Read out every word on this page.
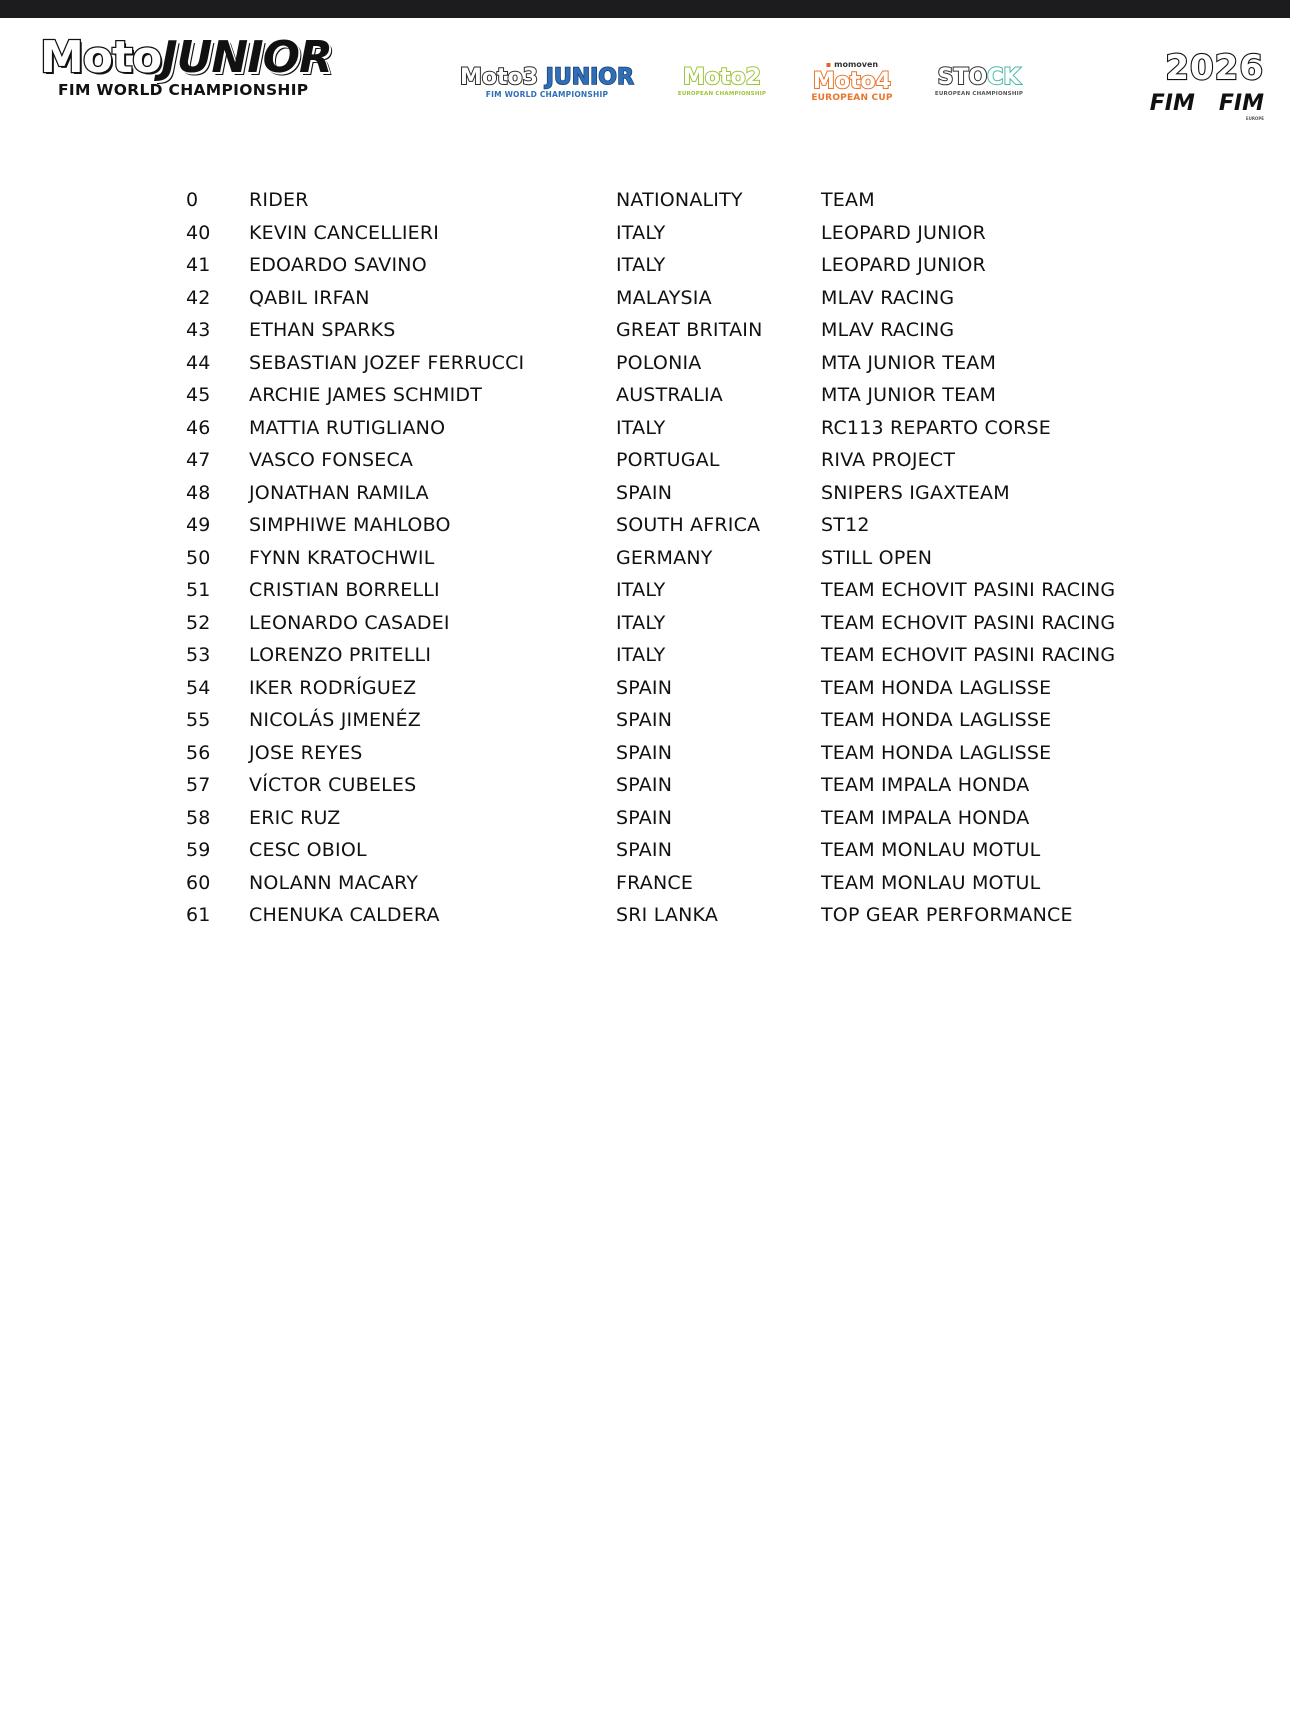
MotoJUNIOR
FIM WORLD CHAMPIONSHIP	Moto3 JUNIOR
FIM WORLD CHAMPIONSHIP
Moto2
EUROPEAN CHAMPIONSHIP
▪ momoven
Moto4
EUROPEAN CUP
STOCK
EUROPEAN CHAMPIONSHIP
2026
FIM FIM
EUROPE
0	RIDER	NATIONALITY	TEAM
40	KEVIN CANCELLIERI	ITALY	LEOPARD JUNIOR
41	EDOARDO SAVINO	ITALY	LEOPARD JUNIOR
42	QABIL IRFAN	MALAYSIA	MLAV RACING
43	ETHAN SPARKS	GREAT BRITAIN	MLAV RACING
44	SEBASTIAN JOZEF FERRUCCI	POLONIA	MTA JUNIOR TEAM
45	ARCHIE JAMES SCHMIDT	AUSTRALIA	MTA JUNIOR TEAM
46	MATTIA RUTIGLIANO	ITALY	RC113 REPARTO CORSE
47	VASCO FONSECA	PORTUGAL	RIVA PROJECT
48	JONATHAN RAMILA	SPAIN	SNIPERS IGAXTEAM
49	SIMPHIWE MAHLOBO	SOUTH AFRICA	ST12
50	FYNN KRATOCHWIL	GERMANY	STILL OPEN
51	CRISTIAN BORRELLI	ITALY	TEAM ECHOVIT PASINI RACING
52	LEONARDO CASADEI	ITALY	TEAM ECHOVIT PASINI RACING
53	LORENZO PRITELLI	ITALY	TEAM ECHOVIT PASINI RACING
54	IKER RODRÍGUEZ	SPAIN	TEAM HONDA LAGLISSE
55	NICOLÁS JIMENÉZ	SPAIN	TEAM HONDA LAGLISSE
56	JOSE REYES	SPAIN	TEAM HONDA LAGLISSE
57	VÍCTOR CUBELES	SPAIN	TEAM IMPALA HONDA
58	ERIC RUZ	SPAIN	TEAM IMPALA HONDA
59	CESC OBIOL	SPAIN	TEAM MONLAU MOTUL
60	NOLANN MACARY	FRANCE	TEAM MONLAU MOTUL
61	CHENUKA CALDERA	SRI LANKA	TOP GEAR PERFORMANCE
